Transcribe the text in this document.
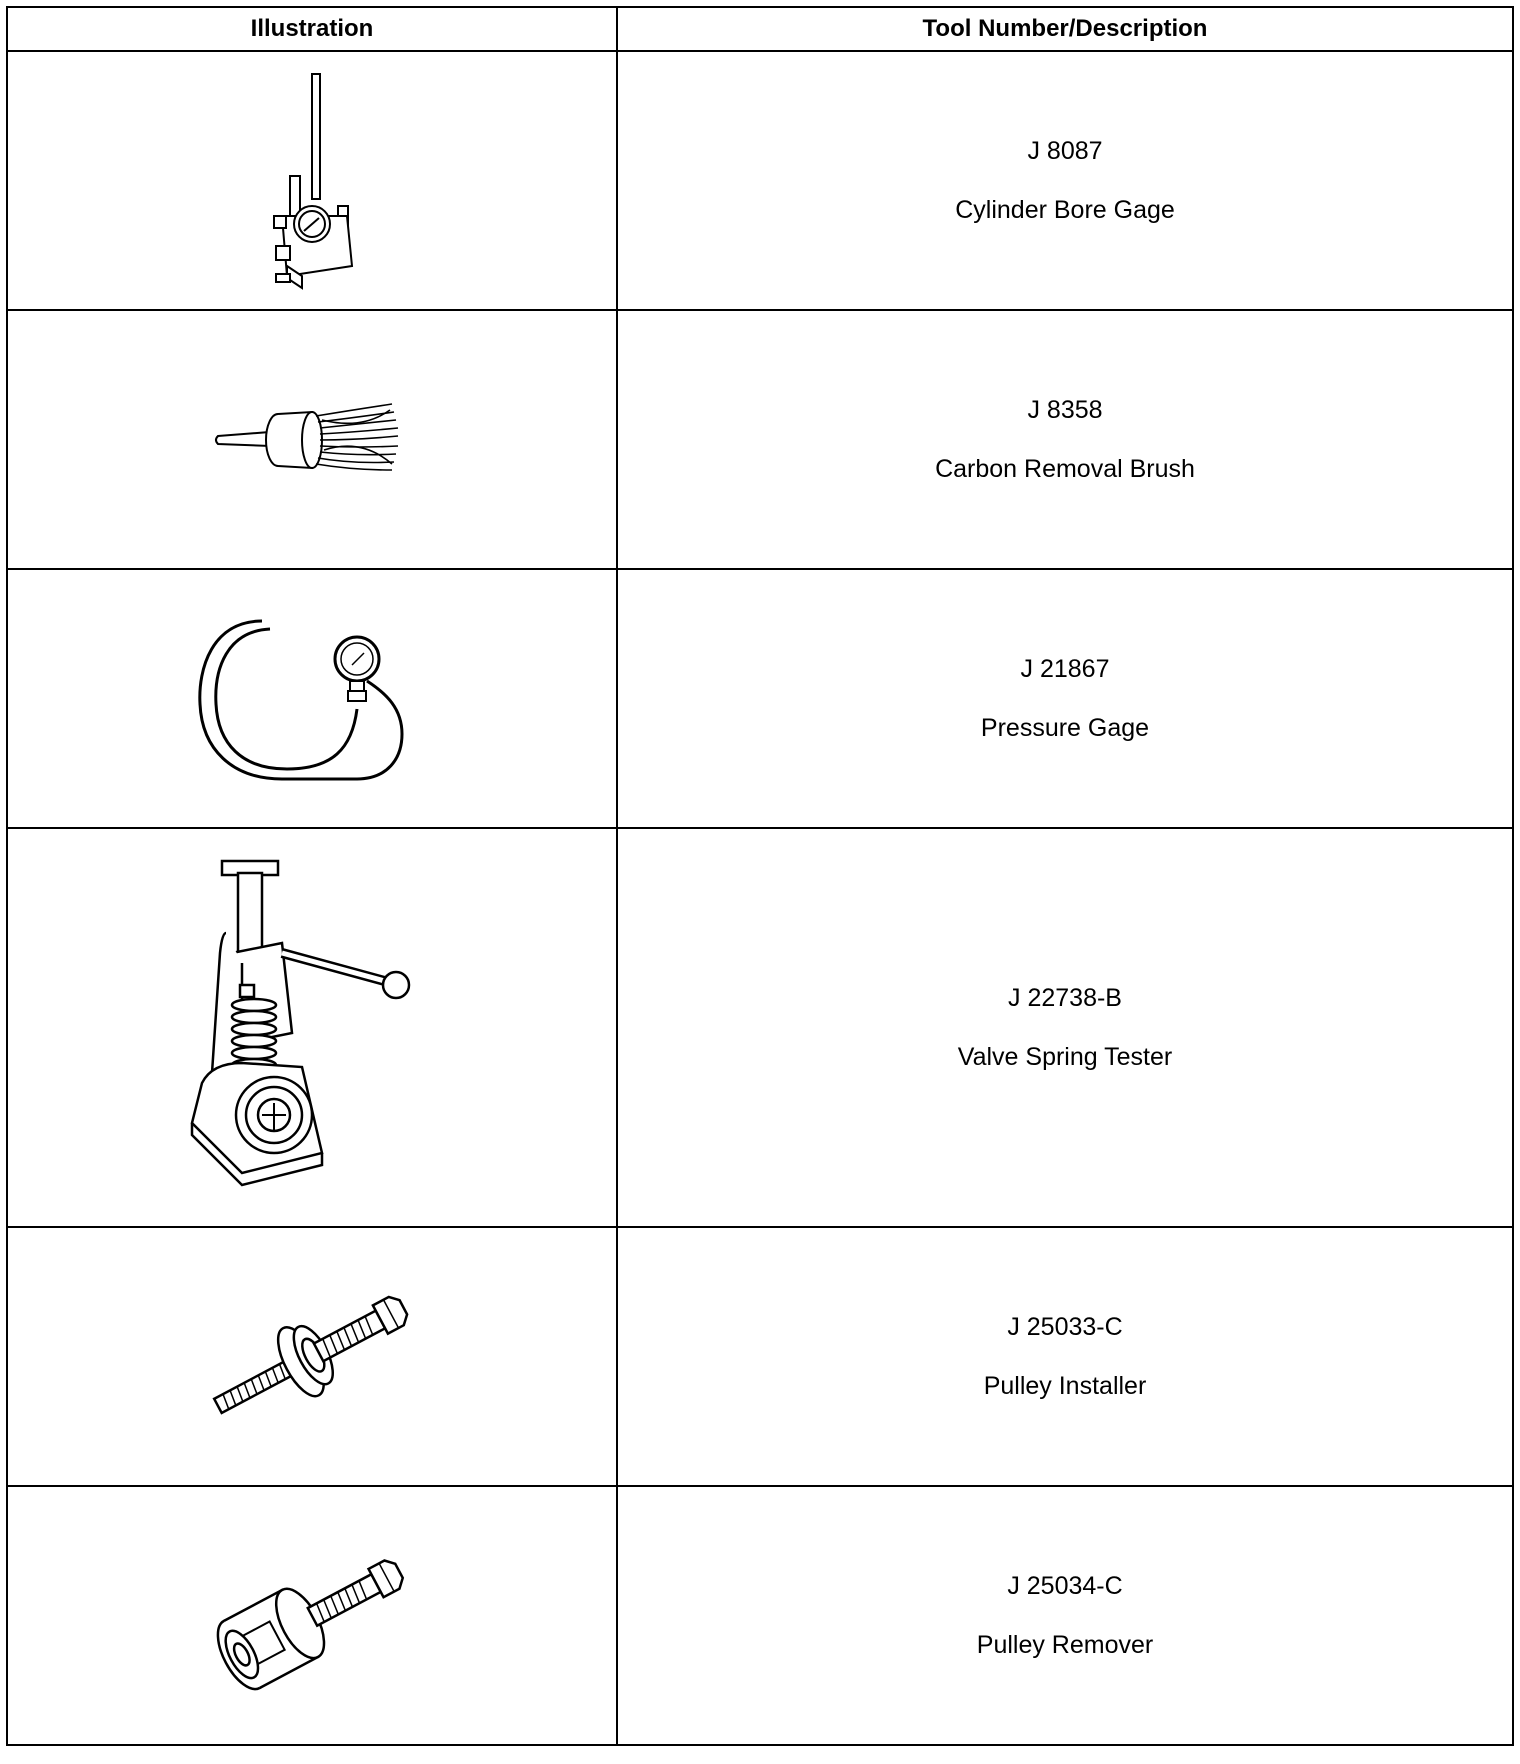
Illustration	Tool Number/Description

J 8087
Cylinder Bore Gage

J 8358
Carbon Removal Brush

J 21867
Pressure Gage

J 22738-B
Valve Spring Tester

J 25033-C
Pulley Installer

J 25034-C
Pulley Remover
